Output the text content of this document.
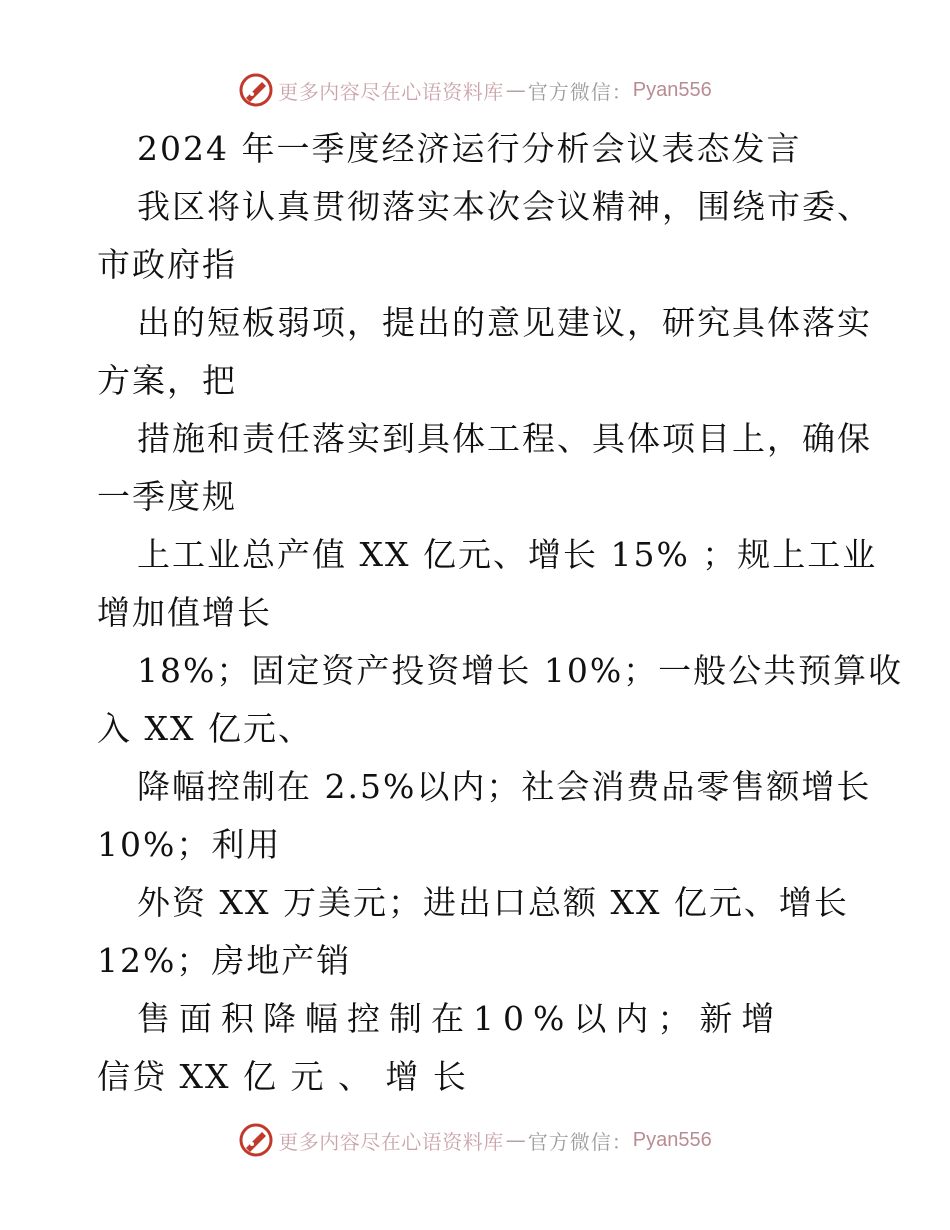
更多内容尽在心语资料库 — 官方微信： Pyan556
2024 年一季度经济运行分析会议表态发言
我区将认真贯彻落实本次会议精神，围绕市委、
市政府指
出的短板弱项，提出的意见建议，研究具体落实
方案，把
措施和责任落实到具体工程、具体项目上，确保
一季度规
上工业总产值 XX 亿元、增长 15% ；规上工业
增加值增长
18%；固定资产投资增长 10%；一般公共预算收
入 XX 亿元、
降幅控制在 2.5%以内；社会消费品零售额增长
10%；利用
外资 XX 万美元；进出口总额 XX 亿元、增长
12%；房地产销
售面积降幅控制在10%以内；新增
信贷 XX 亿 元 、 增 长
更多内容尽在心语资料库 — 官方微信： Pyan556
